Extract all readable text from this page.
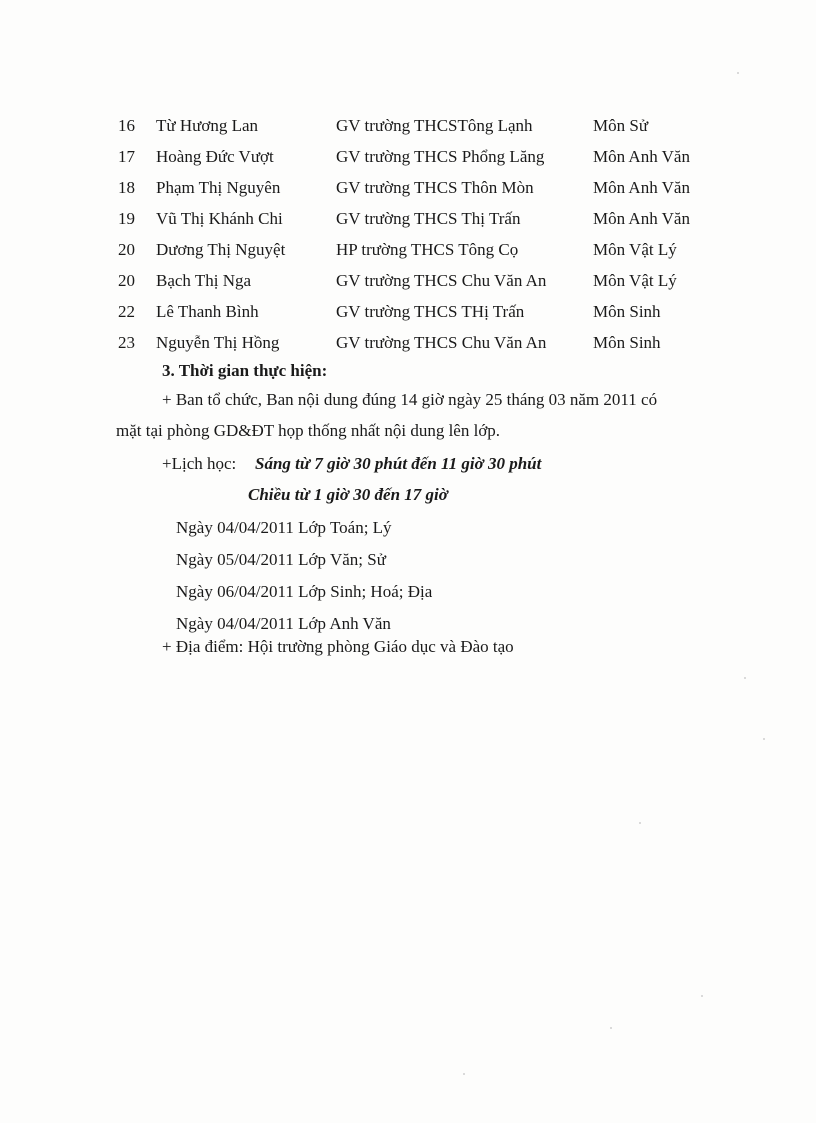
16 Từ Hương Lan	GV trường THCSTông Lạnh	Môn Sử
17 Hoàng Đức Vượt	GV trường THCS Phổng Lăng	Môn Anh Văn
18 Phạm Thị Nguyên	GV trường THCS Thôn Mòn	Môn Anh Văn
19 Vũ Thị Khánh Chi	GV trường THCS Thị Trấn	Môn Anh Văn
20 Dương Thị Nguyệt	HP trường THCS Tông Cọ	Môn Vật Lý
20 Bạch Thị Nga	GV trường THCS Chu Văn An	Môn Vật Lý
22 Lê Thanh Bình	GV trường THCS THị Trấn	Môn Sinh
23 Nguyễn Thị Hồng	GV trường THCS Chu Văn An	Môn Sinh
3. Thời gian thực hiện:
+ Ban tổ chức, Ban nội dung đúng 14 giờ ngày 25 tháng 03 năm 2011 có
mặt tại phòng GD&ĐT họp thống nhất nội dung lên lớp.
+Lịch học: Sáng từ 7 giờ 30 phút đến 11 giờ 30 phút
Chiều từ 1 giờ 30 đến 17 giờ
Ngày 04/04/2011 Lớp Toán; Lý
Ngày 05/04/2011 Lớp Văn; Sử
Ngày 06/04/2011 Lớp Sinh; Hoá; Địa
Ngày 04/04/2011 Lớp Anh Văn
+ Địa điểm: Hội trường phòng Giáo dục và Đào tạo
